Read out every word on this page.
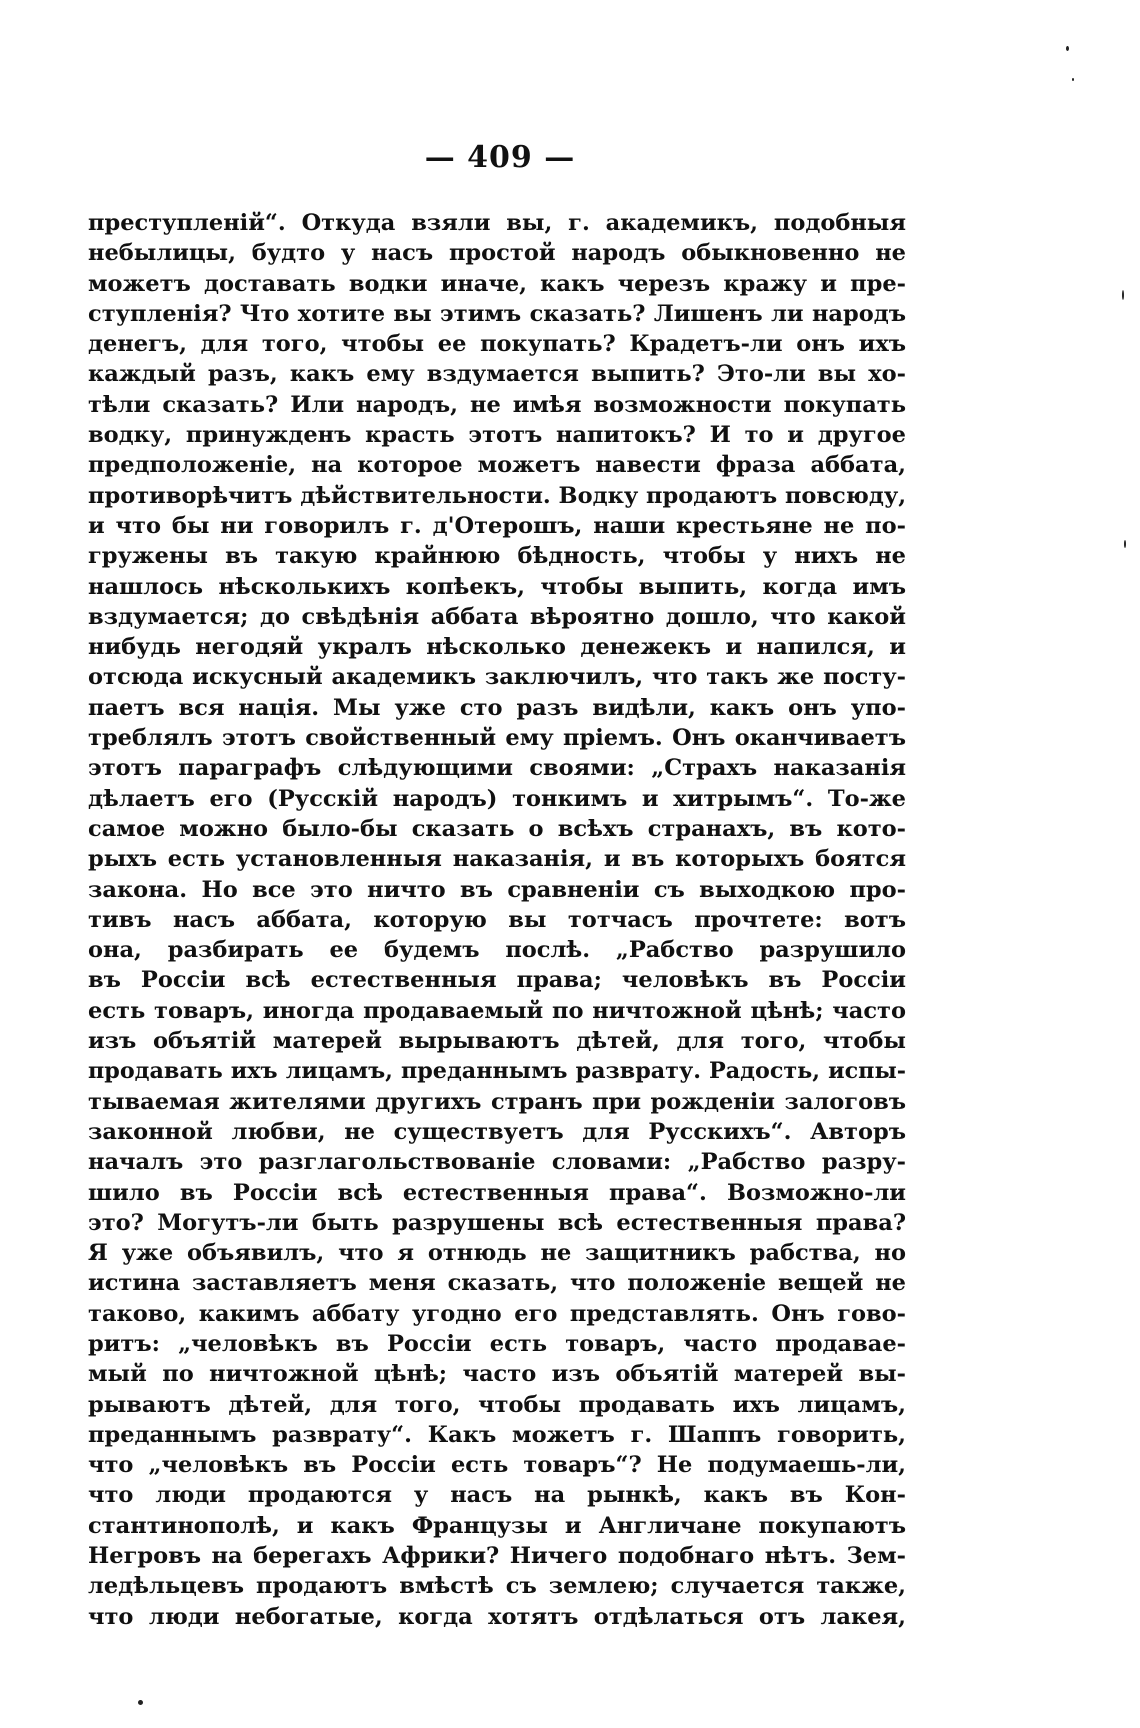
— 409 —
преступленій“. Откуда взяли вы, г. академикъ, подобныя
небылицы, будто у насъ простой народъ обыкновенно не
можетъ доставать водки иначе, какъ черезъ кражу и пре-
ступленія? Что хотите вы этимъ сказать? Лишенъ ли народъ
денегъ, для того, чтобы ее покупать? Крадетъ-ли онъ ихъ
каждый разъ, какъ ему вздумается выпить? Это-ли вы хо-
тѣли сказать? Или народъ, не имѣя возможности покупать
водку, принужденъ красть этотъ напитокъ? И то и другое
предположеніе, на которое можетъ навести фраза аббата,
противорѣчитъ дѣйствительности. Водку продаютъ повсюду,
и что бы ни говорилъ г. д'Отерошъ, наши крестьяне не по-
гружены въ такую крайнюю бѣдность, чтобы у нихъ не
нашлось нѣсколькихъ копѣекъ, чтобы выпить, когда имъ
вздумается; до свѣдѣнія аббата вѣроятно дошло, что какой
нибудь негодяй укралъ нѣсколько денежекъ и напился, и
отсюда искусный академикъ заключилъ, что такъ же посту-
паетъ вся нація. Мы уже сто разъ видѣли, какъ онъ упо-
треблялъ этотъ свойственный ему пріемъ. Онъ оканчиваетъ
этотъ параграфъ слѣдующими своями: „Страхъ наказанія
дѣлаетъ его (Русскій народъ) тонкимъ и хитрымъ“. То-же
самое можно было-бы сказать о всѣхъ странахъ, въ кото-
рыхъ есть установленныя наказанія, и въ которыхъ боятся
закона. Но все это ничто въ сравненіи съ выходкою про-
тивъ насъ аббата, которую вы тотчасъ прочтете: вотъ
она, разбирать ее будемъ послѣ. „Рабство разрушило
въ Россіи всѣ естественныя права; человѣкъ въ Россіи
есть товаръ, иногда продаваемый по ничтожной цѣнѣ; часто
изъ объятій матерей вырываютъ дѣтей, для того, чтобы
продавать ихъ лицамъ, преданнымъ разврату. Радость, испы-
тываемая жителями другихъ странъ при рожденіи залоговъ
законной любви, не существуетъ для Русскихъ“. Авторъ
началъ это разглагольствованіе словами: „Рабство разру-
шило въ Россіи всѣ естественныя права“. Возможно-ли
это? Могутъ-ли быть разрушены всѣ естественныя права?
Я уже объявилъ, что я отнюдь не защитникъ рабства, но
истина заставляетъ меня сказать, что положеніе вещей не
таково, какимъ аббату угодно его представлять. Онъ гово-
ритъ: „человѣкъ въ Россіи есть товаръ, часто продавае-
мый по ничтожной цѣнѣ; часто изъ объятій матерей вы-
рываютъ дѣтей, для того, чтобы продавать ихъ лицамъ,
преданнымъ разврату“. Какъ можетъ г. Шаппъ говорить,
что „человѣкъ въ Россіи есть товаръ“? Не подумаешь-ли,
что люди продаются у насъ на рынкѣ, какъ въ Кон-
стантинополѣ, и какъ Французы и Англичане покупаютъ
Негровъ на берегахъ Африки? Ничего подобнаго нѣтъ. Зем-
ледѣльцевъ продаютъ вмѣстѣ съ землею; случается также,
что люди небогатые, когда хотятъ отдѣлаться отъ лакея,
